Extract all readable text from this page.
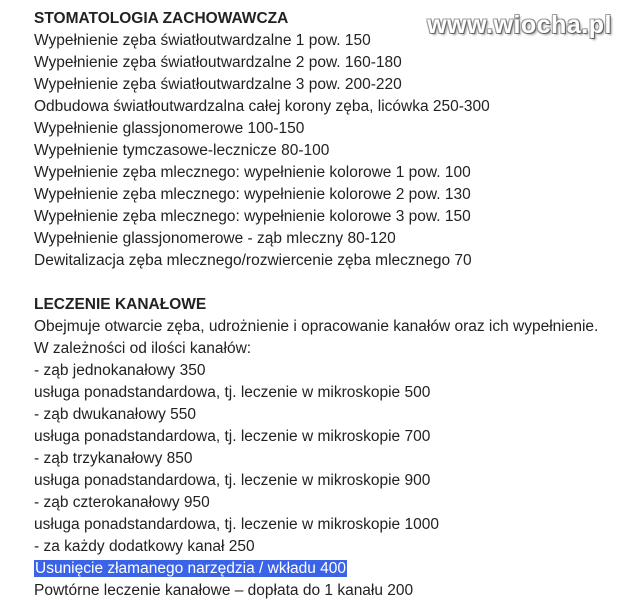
www.wiocha.pl
STOMATOLOGIA ZACHOWAWCZA
Wypełnienie zęba światłoutwardzalne 1 pow. 150
Wypełnienie zęba światłoutwardzalne 2 pow. 160-180
Wypełnienie zęba światłoutwardzalne 3 pow. 200-220
Odbudowa światłoutwardzalna całej korony zęba, licówka 250-300
Wypełnienie glassjonomerowe 100-150
Wypełnienie tymczasowe-lecznicze 80-100
Wypełnienie zęba mlecznego: wypełnienie kolorowe 1 pow. 100
Wypełnienie zęba mlecznego: wypełnienie kolorowe 2 pow. 130
Wypełnienie zęba mlecznego: wypełnienie kolorowe 3 pow. 150
Wypełnienie glassjonomerowe - ząb mleczny 80-120
Dewitalizacja zęba mlecznego/rozwiercenie zęba mlecznego 70
LECZENIE KANAŁOWE
Obejmuje otwarcie zęba, udrożnienie i opracowanie kanałów oraz ich wypełnienie.
W zależności od ilości kanałów:
- ząb jednokanałowy 350
usługa ponadstandardowa, tj. leczenie w mikroskopie 500
- ząb dwukanałowy 550
usługa ponadstandardowa, tj. leczenie w mikroskopie 700
- ząb trzykanałowy 850
usługa ponadstandardowa, tj. leczenie w mikroskopie 900
- ząb czterokanałowy 950
usługa ponadstandardowa, tj. leczenie w mikroskopie 1000
- za każdy dodatkowy kanał 250
Usunięcie złamanego narzędzia / wkładu 400
Powtórne leczenie kanałowe – dopłata do 1 kanału 200
